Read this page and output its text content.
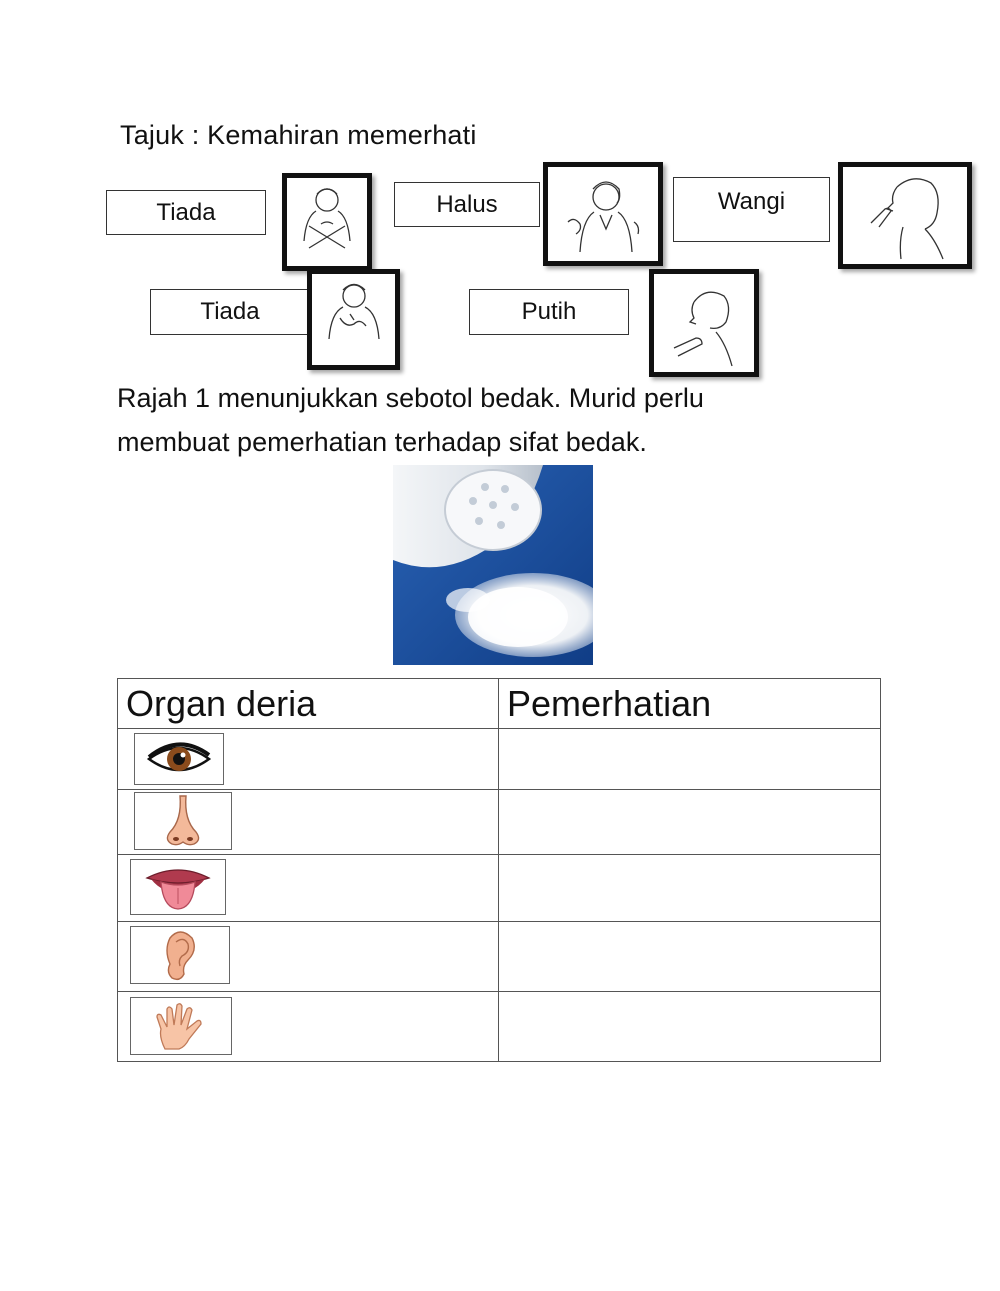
Tajuk : Kemahiran memerhati
Tiada	Halus	Wangi
Tiada	Putih

Rajah 1 menunjukkan sebotol bedak. Murid perlu

membuat pemerhatian terhadap sifat bedak.

Organ deria	Pemerhatian
